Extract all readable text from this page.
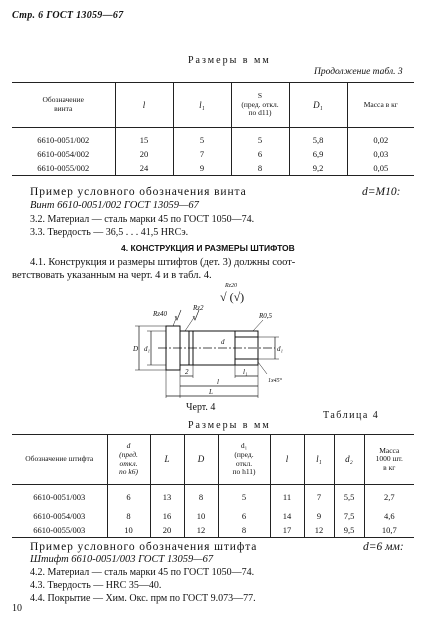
Стр. 6 ГОСТ 13059—67
Размеры в мм
Продолжение табл. 3
Обозначение
винта	l	l₁	S
(пред. откл.
по d11)	D₁	Масса в кг
6610-0051/002	15	5	5	5,8	0,02
6610-0054/002	20	7	6	6,9	0,03
6610-0055/002	24	9	8	9,2	0,05
Пример условного обозначения винта	d=M10:
Винт 6610-0051/002 ГОСТ 13059—67
3.2. Материал — сталь марки 45 по ГОСТ 1050—74.
3.3. Твердость — 36,5 . . . 41,5 HRCэ.
4. КОНСТРУКЦИЯ И РАЗМЕРЫ ШТИФТОВ
4.1. Конструкция и размеры штифтов (дет. 3) должны соот-
ветствовать указанным на черт. 4 и в табл. 4.
Rz40
Rz2
R0,5
D d₁
d
d₁
2	l₁
l
L
1x45°
Rz20
√ (√)
Черт. 4
Таблица 4
Размеры в мм
Обозначение штифта	d
(пред.
откл.
по k6)	L	D	d₁
(пред.
откл.
по h11)	l	l₁	d₂	Масса
1000 шт.
в кг
6610-0051/003	6	13	8	5	11	7	5,5	2,7
6610-0054/003	8	16	10	6	14	9	7,5	4,6
6610-0055/003	10	20	12	8	17	12	9,5	10,7
Пример условного обозначения штифта	d=6 мм:
Штифт 6610-0051/003 ГОСТ 13059—67
4.2. Материал — сталь марки 45 по ГОСТ 1050—74.
4.3. Твердость — HRC 35—40.
4.4. Покрытие — Хим. Окс. прм по ГОСТ 9.073—77.
10
